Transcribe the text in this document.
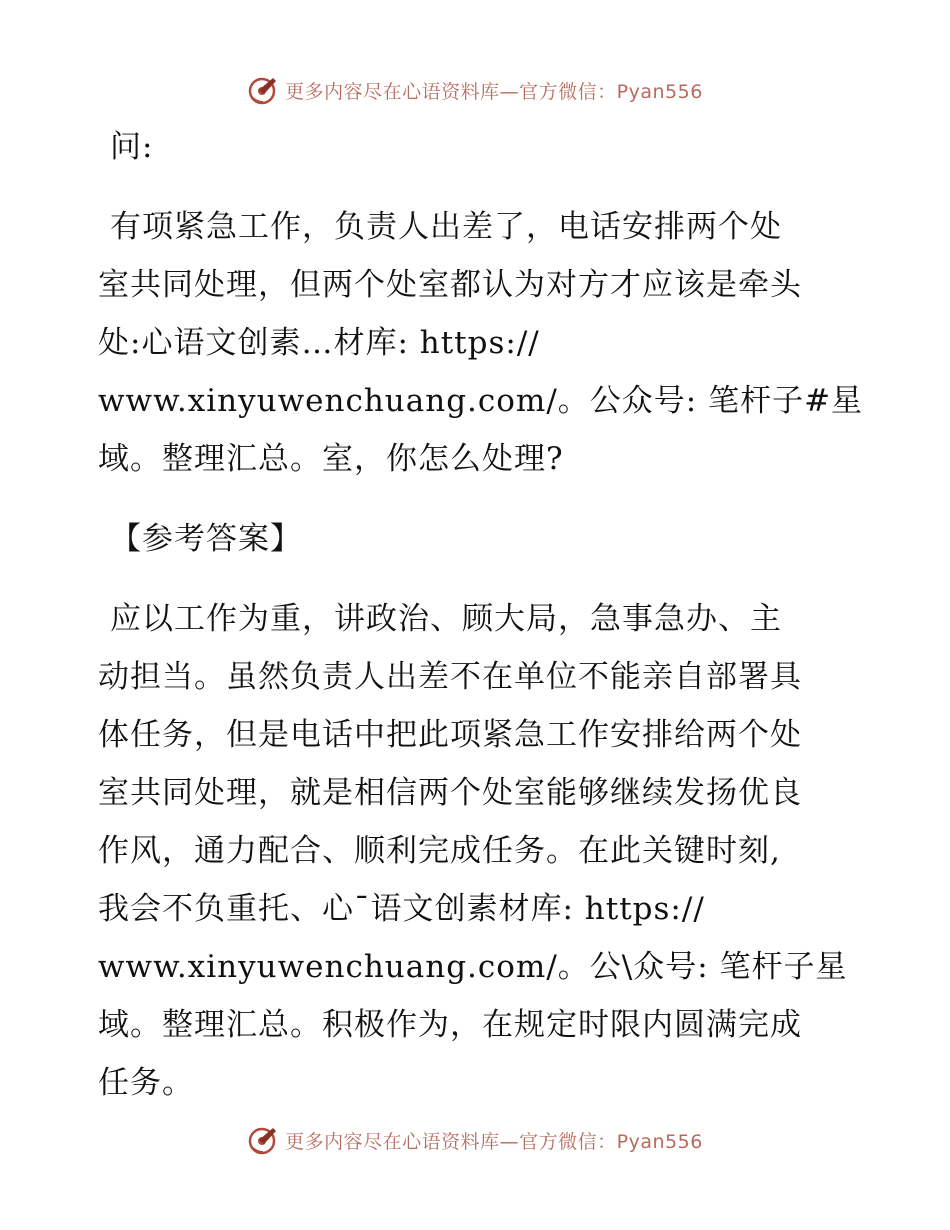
更多内容尽在心语资料库—官方微信：Pyan556

问:

有项紧急工作，负责人出差了，电话安排两个处
室共同处理，但两个处室都认为对方才应该是牵头
处:心语文创素…材库: https://
www.xinyuwenchuang.com/。公众号: 笔杆子#星
域。整理汇总。室，你怎么处理?

【参考答案】

应以工作为重，讲政治、顾大局，急事急办、主
动担当。虽然负责人出差不在单位不能亲自部署具
体任务，但是电话中把此项紧急工作安排给两个处
室共同处理，就是相信两个处室能够继续发扬优良
作风，通力配合、顺利完成任务。在此关键时刻,
我会不负重托、心¯语文创素材库: https://
www.xinyuwenchuang.com/。公\众号: 笔杆子星
域。整理汇总。积极作为，在规定时限内圆满完成
任务。

更多内容尽在心语资料库—官方微信：Pyan556
